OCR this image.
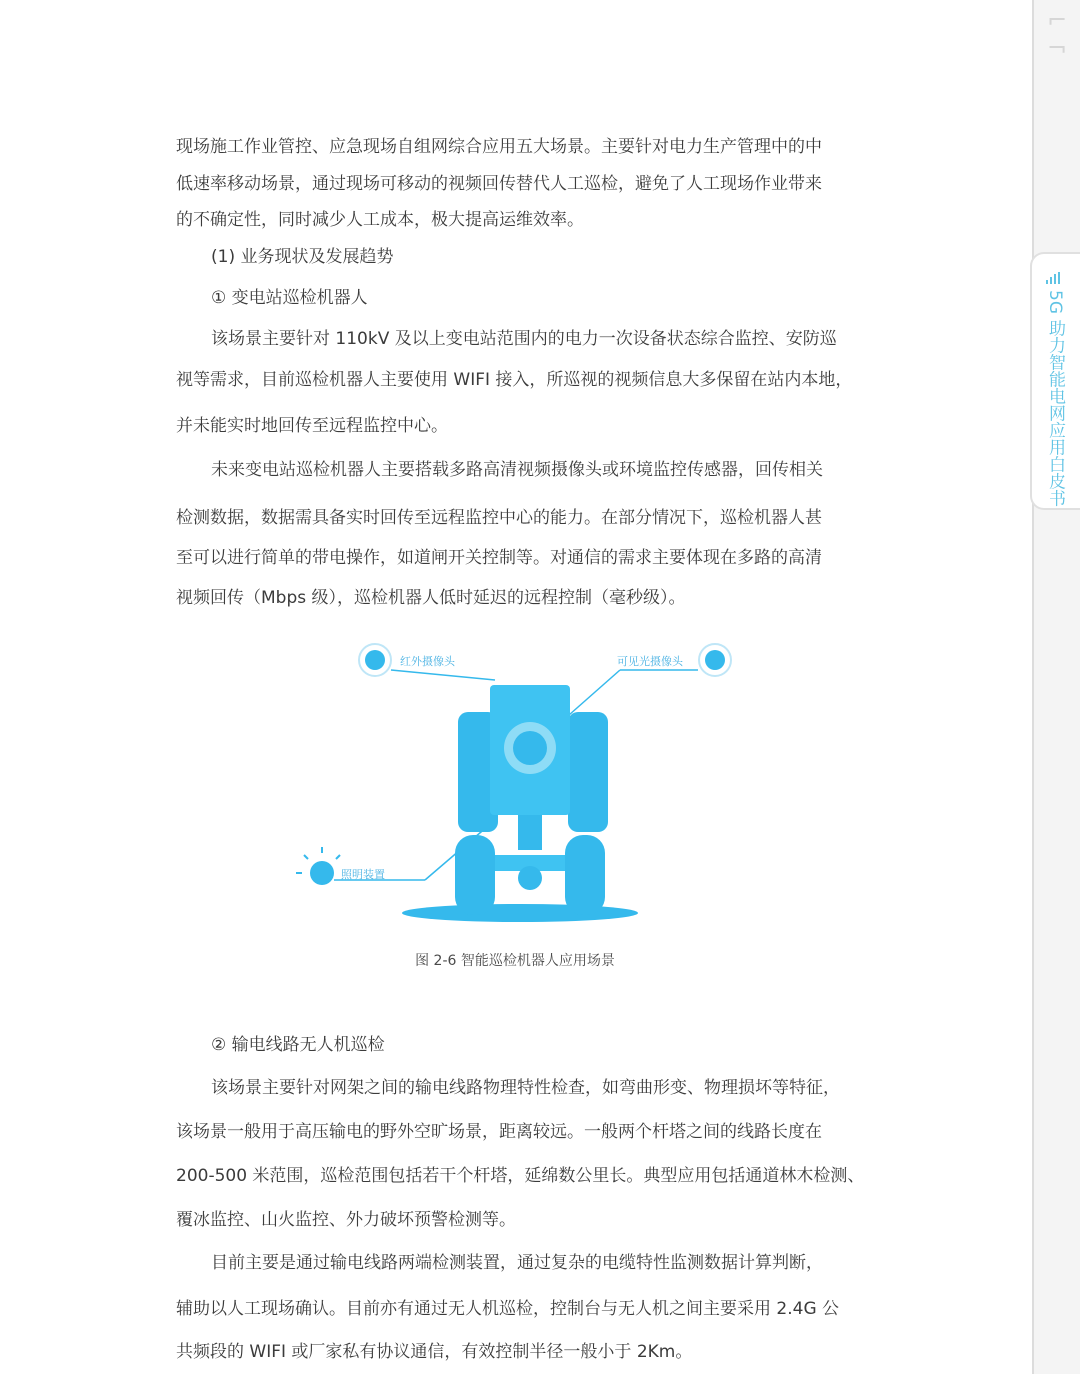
⌐
¬
5G 助力智能电网应用白皮书
现场施工作业管控、应急现场自组网综合应用五大场景。主要针对电力生产管理中的中
低速率移动场景，通过现场可移动的视频回传替代人工巡检，避免了人工现场作业带来
的不确定性，同时减少人工成本，极大提高运维效率。
(1) 业务现状及发展趋势
① 变电站巡检机器人
该场景主要针对 110kV 及以上变电站范围内的电力一次设备状态综合监控、安防巡
视等需求，目前巡检机器人主要使用 WIFI 接入，所巡视的视频信息大多保留在站内本地，
并未能实时地回传至远程监控中心。
未来变电站巡检机器人主要搭载多路高清视频摄像头或环境监控传感器，回传相关
检测数据，数据需具备实时回传至远程监控中心的能力。在部分情况下，巡检机器人甚
至可以进行简单的带电操作，如道闸开关控制等。对通信的需求主要体现在多路的高清
视频回传（Mbps 级），巡检机器人低时延迟的远程控制（毫秒级）。
红外摄像头	可见光摄像头
照明装置
图 2-6 智能巡检机器人应用场景
② 输电线路无人机巡检
该场景主要针对网架之间的输电线路物理特性检查，如弯曲形变、物理损坏等特征，
该场景一般用于高压输电的野外空旷场景，距离较远。一般两个杆塔之间的线路长度在
200-500 米范围，巡检范围包括若干个杆塔，延绵数公里长。典型应用包括通道林木检测、
覆冰监控、山火监控、外力破坏预警检测等。
目前主要是通过输电线路两端检测装置，通过复杂的电缆特性监测数据计算判断，
辅助以人工现场确认。目前亦有通过无人机巡检，控制台与无人机之间主要采用 2.4G 公
共频段的 WIFI 或厂家私有协议通信，有效控制半径一般小于 2Km。
